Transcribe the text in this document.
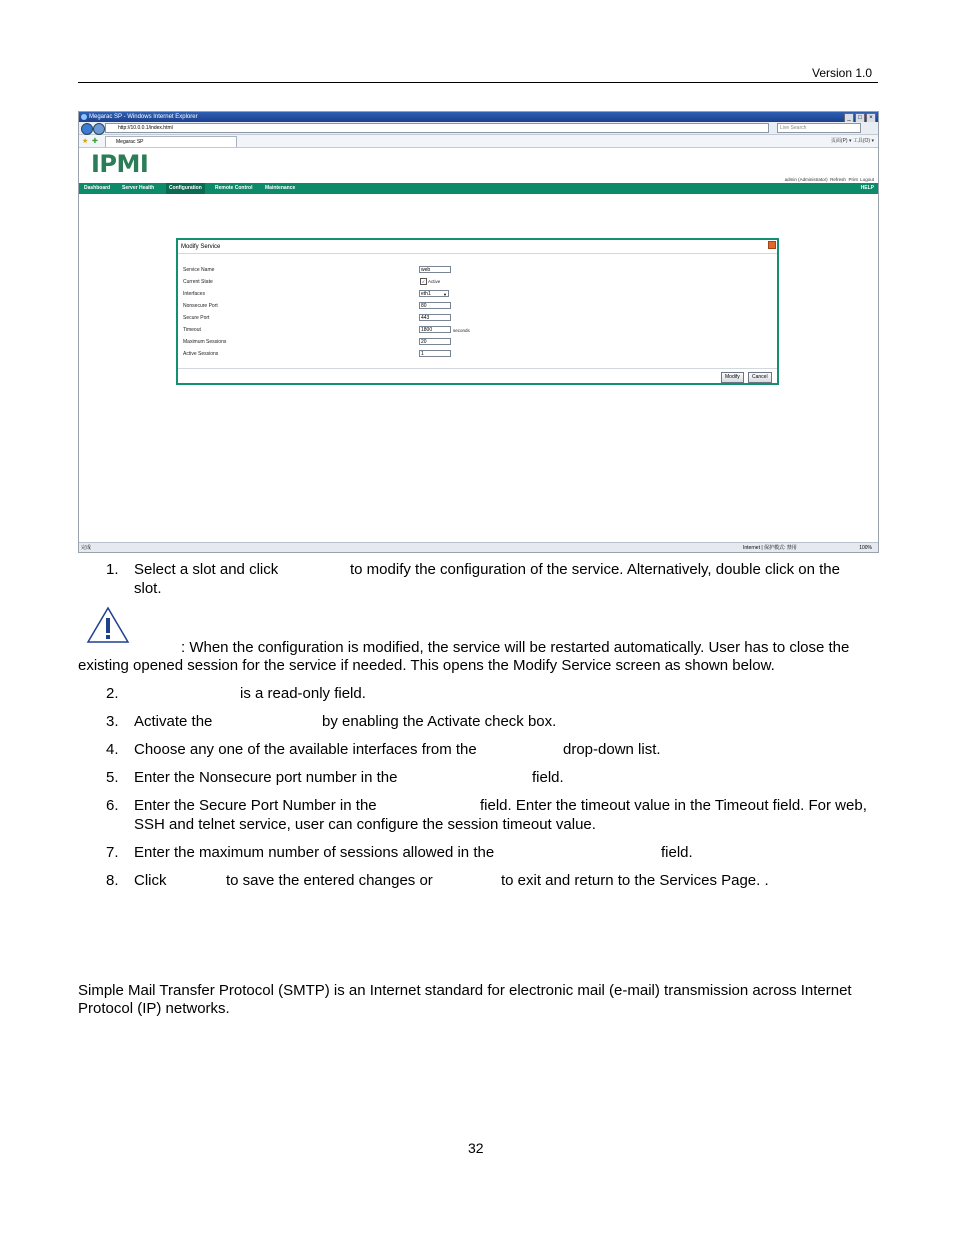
Version 1.0
Megarac SP - Windows Internet Explorer	_	□	×
http://10.0.0.1/index.html	Live Search
★ ✚	Megarac SP	页面(P) ▾ 工具(O) ▾
IPMI
admin (Administrator) Refresh Print Logout
Dashboard Server Health	Configuration	Remote Control	Maintenance	HELP
Modify Service
Service Name	web
Current State	✓ Active
Interfaces	eth1	▼
Nonsecure Port	80
Secure Port	443
Timeout	1800	seconds
Maximum Sessions	20
Active Sessions	1
Modify	Cancel
完成	Internet | 保护模式: 禁用	100%
1. Select a slot and click	to modify the configuration of the service. Alternatively, double click on the
slot.
: When the configuration is modified, the service will be restarted automatically. User has to close the
existing opened session for the service if needed. This opens the Modify Service screen as shown below.
2.	is a read-only field.
3. Activate the	by enabling the Activate check box.
4. Choose any one of the available interfaces from the	drop-down list.
5. Enter the Nonsecure port number in the	field.
6. Enter the Secure Port Number in the	field. Enter the timeout value in the Timeout field. For web,
SSH and telnet service, user can configure the session timeout value.
7. Enter the maximum number of sessions allowed in the	field.
8. Click	to save the entered changes or	to exit and return to the Services Page. .
Simple Mail Transfer Protocol (SMTP) is an Internet standard for electronic mail (e-mail) transmission across Internet Protocol (IP) networks.
32
